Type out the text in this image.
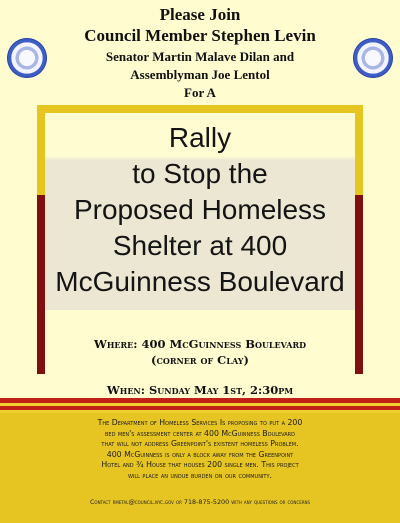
Please Join
Council Member Stephen Levin
Senator Martin Malave Dilan and
Assemblyman Joe Lentol
For A
Rally
to Stop the
Proposed Homeless
Shelter at 400
McGuinness Boulevard
Where: 400 McGuinness Boulevard
(corner of Clay)
When: Sunday May 1st, 2:30pm
The Department of Homeless Services Is proposing to put a 200
bed men's assessment center at 400 McGuinness Boulevard
that will not address Greenpoint's existent homeless Problem.
400 McGuinness is only a block away from the Greenpoint
Hotel and ¾ House that houses 200 single men. This project
will place an undue burden on our community.
Contact rmetal@council.nyc.gov or 718-875-5200 with any questions or concerns
